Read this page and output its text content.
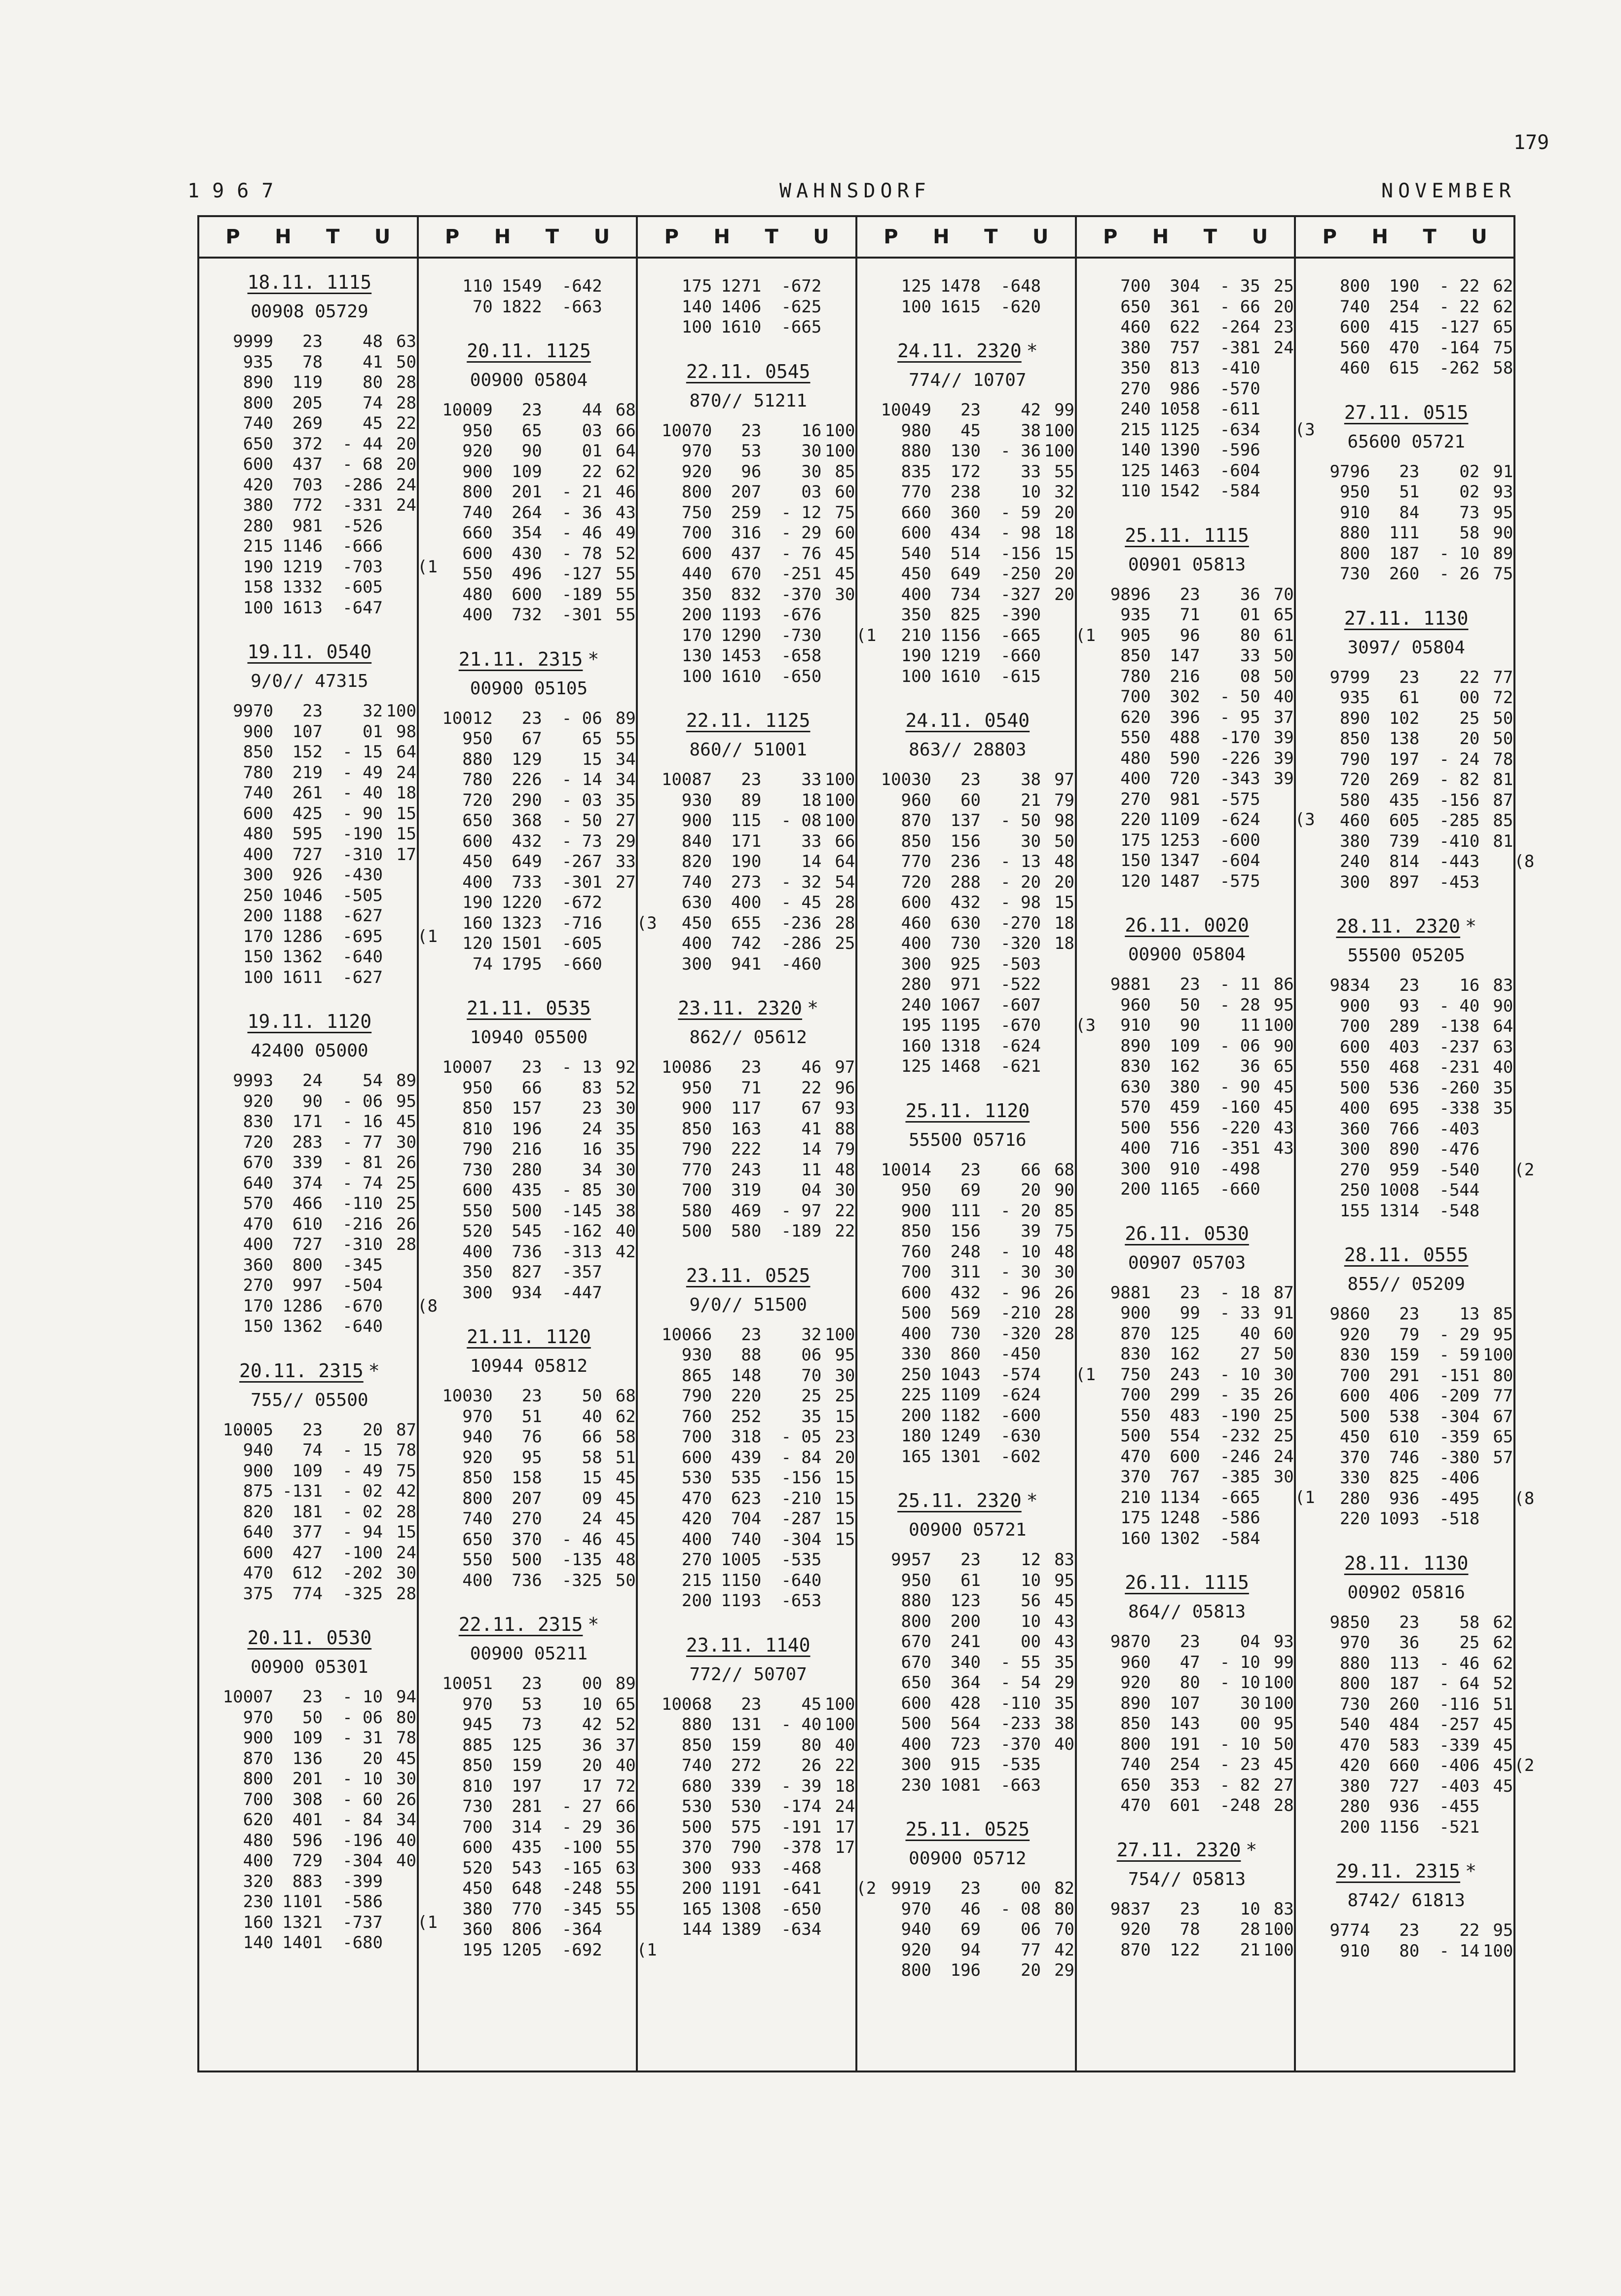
179
1967	WAHNSDORF	NOVEMBER
P H T U
18.11. 1115
00908 05729
9999	23	48 63
935	78	41 50
890	119	80 28
800	205	74 28
740	269	45 22
650	372	- 44 20
600	437	- 68 20
420	703	-286 24
380	772	-331 24
280	981	-526
215 1146	-666
190 1219	-703 (1
158 1332	-605
100 1613	-647
19.11. 0540
9/0// 47315
9970	23	32 100
900	107	01 98
850	152	- 15 64
780	219	- 49 24
740	261	- 40 18
600	425	- 90 15
480	595	-190 15
400	727	-310 17
300	926	-430
250 1046	-505
200 1188	-627
170 1286	-695 (1
150 1362	-640
100 1611	-627
19.11. 1120
42400 05000
9993	24	54 89
920	90	- 06 95
830	171	- 16 45
720	283	- 77 30
670	339	- 81 26
640	374	- 74 25
570	466	-110 25
470	610	-216 26
400	727	-310 28
360	800	-345
270	997	-504
170 1286	-670 (8
150 1362	-640
20.11. 2315 *
755// 05500
10005	23	20 87
940	74	- 15 78
900	109	- 49 75
875 -131	- 02 42
820	181	- 02 28
640	377	- 94 15
600	427	-100 24
470	612	-202 30
375	774	-325 28
20.11. 0530
00900 05301
10007	23	- 10 94
970	50	- 06 80
900	109	- 31 78
870	136	20 45
800	201	- 10 30
700	308	- 60 26
620	401	- 84 34
480	596	-196 40
400	729	-304 40
320	883	-399
230 1101	-586
160 1321	-737 (1
140 1401	-680
P H T U
110 1549	-642
70 1822	-663
20.11. 1125
00900 05804
10009	23	44 68
950	65	03 66
920	90	01 64
900	109	22 62
800	201	- 21 46
740	264	- 36 43
660	354	- 46 49
600	430	- 78 52
550	496	-127 55
480	600	-189 55
400	732	-301 55
21.11. 2315 *
00900 05105
10012	23	- 06 89
950	67	65 55
880	129	15 34
780	226	- 14 34
720	290	- 03 35
650	368	- 50 27
600	432	- 73 29
450	649	-267 33
400	733	-301 27
190 1220	-672
160 1323	-716 (3
120 1501	-605
74 1795	-660
21.11. 0535
10940 05500
10007	23	- 13 92
950	66	83 52
850	157	23 30
810	196	24 35
790	216	16 35
730	280	34 30
600	435	- 85 30
550	500	-145 38
520	545	-162 40
400	736	-313 42
350	827	-357
300	934	-447
21.11. 1120
10944 05812
10030	23	50 68
970	51	40 62
940	76	66 58
920	95	58 51
850	158	15 45
800	207	09 45
740	270	24 45
650	370	- 46 45
550	500	-135 48
400	736	-325 50
22.11. 2315 *
00900 05211
10051	23	00 89
970	53	10 65
945	73	42 52
885	125	36 37
850	159	20 40
810	197	17 72
730	281	- 27 66
700	314	- 29 36
600	435	-100 55
520	543	-165 63
450	648	-248 55
380	770	-345 55
360	806	-364
195 1205	-692 (1
P H T U
175 1271	-672
140 1406	-625
100 1610	-665
22.11. 0545
870// 51211
10070	23	16 100
970	53	30 100
920	96	30 85
800	207	03 60
750	259	- 12 75
700	316	- 29 60
600	437	- 76 45
440	670	-251 45
350	832	-370 30
200 1193	-676
170 1290	-730 (1
130 1453	-658
100 1610	-650
22.11. 1125
860// 51001
10087	23	33 100
930	89	18 100
900	115	- 08 100
840	171	33 66
820	190	14 64
740	273	- 32 54
630	400	- 45 28
450	655	-236 28
400	742	-286 25
300	941	-460
23.11. 2320 *
862// 05612
10086	23	46 97
950	71	22 96
900	117	67 93
850	163	41 88
790	222	14 79
770	243	11 48
700	319	04 30
580	469	- 97 22
500	580	-189 22
23.11. 0525
9/0// 51500
10066	23	32 100
930	88	06 95
865	148	70 30
790	220	25 25
760	252	35 15
700	318	- 05 23
600	439	- 84 20
530	535	-156 15
470	623	-210 15
420	704	-287 15
400	740	-304 15
270 1005	-535
215 1150	-640
200 1193	-653
23.11. 1140
772// 50707
10068	23	45 100
880	131	- 40 100
850	159	80 40
740	272	26 22
680	339	- 39 18
530	530	-174 24
500	575	-191 17
370	790	-378 17
300	933	-468
200 1191	-641 (2
165 1308	-650
144 1389	-634
P H T U
125 1478	-648
100 1615	-620
24.11. 2320 *
774// 10707
10049	23	42 99
980	45	38 100
880	130	- 36 100
835	172	33 55
770	238	10 32
660	360	- 59 20
600	434	- 98 18
540	514	-156 15
450	649	-250 20
400	734	-327 20
350	825	-390
210 1156	-665 (1
190 1219	-660
100 1610	-615
24.11. 0540
863// 28803
10030	23	38 97
960	60	21 79
870	137	- 50 98
850	156	30 50
770	236	- 13 48
720	288	- 20 20
600	432	- 98 15
460	630	-270 18
400	730	-320 18
300	925	-503
280	971	-522
240 1067	-607
195 1195	-670 (3
160 1318	-624
125 1468	-621
25.11. 1120
55500 05716
10014	23	66 68
950	69	20 90
900	111	- 20 85
850	156	39 75
760	248	- 10 48
700	311	- 30 30
600	432	- 96 26
500	569	-210 28
400	730	-320 28
330	860	-450
250 1043	-574 (1
225 1109	-624
200 1182	-600
180 1249	-630
165 1301	-602
25.11. 2320 *
00900 05721
9957	23	12 83
950	61	10 95
880	123	56 45
800	200	10 43
670	241	00 43
670	340	- 55 35
650	364	- 54 29
600	428	-110 35
500	564	-233 38
400	723	-370 40
300	915	-535
230 1081	-663
25.11. 0525
00900 05712
9919	23	00 82
970	46	- 08 80
940	69	06 70
920	94	77 42
800	196	20 29
P H T U
700	304	- 35 25
650	361	- 66 20
460	622	-264 23
380	757	-381 24
350	813	-410
270	986	-570
240 1058	-611
215 1125	-634 (3
140 1390	-596
125 1463	-604
110 1542	-584
25.11. 1115
00901 05813
9896	23	36 70
935	71	01 65
905	96	80 61
850	147	33 50
780	216	08 50
700	302	- 50 40
620	396	- 95 37
550	488	-170 39
480	590	-226 39
400	720	-343 39
270	981	-575
220 1109	-624 (3
175 1253	-600
150 1347	-604
120 1487	-575
26.11. 0020
00900 05804
9881	23	- 11 86
960	50	- 28 95
910	90	11 100
890	109	- 06 90
830	162	36 65
630	380	- 90 45
570	459	-160 45
500	556	-220 43
400	716	-351 43
300	910	-498
200 1165	-660
26.11. 0530
00907 05703
9881	23	- 18 87
900	99	- 33 91
870	125	40 60
830	162	27 50
750	243	- 10 30
700	299	- 35 26
550	483	-190 25
500	554	-232 25
470	600	-246 24
370	767	-385 30
210 1134	-665 (1
175 1248	-586
160 1302	-584
26.11. 1115
864// 05813
9870	23	04 93
960	47	- 10 99
920	80	- 10 100
890	107	30 100
850	143	00 95
800	191	- 10 50
740	254	- 23 45
650	353	- 82 27
470	601	-248 28
27.11. 2320 *
754// 05813
9837	23	10 83
920	78	28 100
870	122	21 100
P H T U
800	190	- 22 62
740	254	- 22 62
600	415	-127 65
560	470	-164 75
460	615	-262 58
27.11. 0515
65600 05721
9796	23	02 91
950	51	02 93
910	84	73 95
880	111	58 90
800	187	- 10 89
730	260	- 26 75
27.11. 1130
3097/ 05804
9799	23	22 77
935	61	00 72
890	102	25 50
850	138	20 50
790	197	- 24 78
720	269	- 82 81
580	435	-156 87
460	605	-285 85
380	739	-410 81
240	814	-443 (8
300	897	-453
28.11. 2320 *
55500 05205
9834	23	16 83
900	93	- 40 90
700	289	-138 64
600	403	-237 63
550	468	-231 40
500	536	-260 35
400	695	-338 35
360	766	-403
300	890	-476
270	959	-540 (2
250 1008	-544
155 1314	-548
28.11. 0555
855// 05209
9860	23	13 85
920	79	- 29 95
830	159	- 59 100
700	291	-151 80
600	406	-209 77
500	538	-304 67
450	610	-359 65
370	746	-380 57
330	825	-406
280	936	-495 (8
220 1093	-518
28.11. 1130
00902 05816
9850	23	58 62
970	36	25 62
880	113	- 46 62
800	187	- 64 52
730	260	-116 51
540	484	-257 45
470	583	-339 45
420	660	-406 45 (2
380	727	-403 45
280	936	-455
200 1156	-521
29.11. 2315 *
8742/ 61813
9774	23	22 95
910	80	- 14 100
